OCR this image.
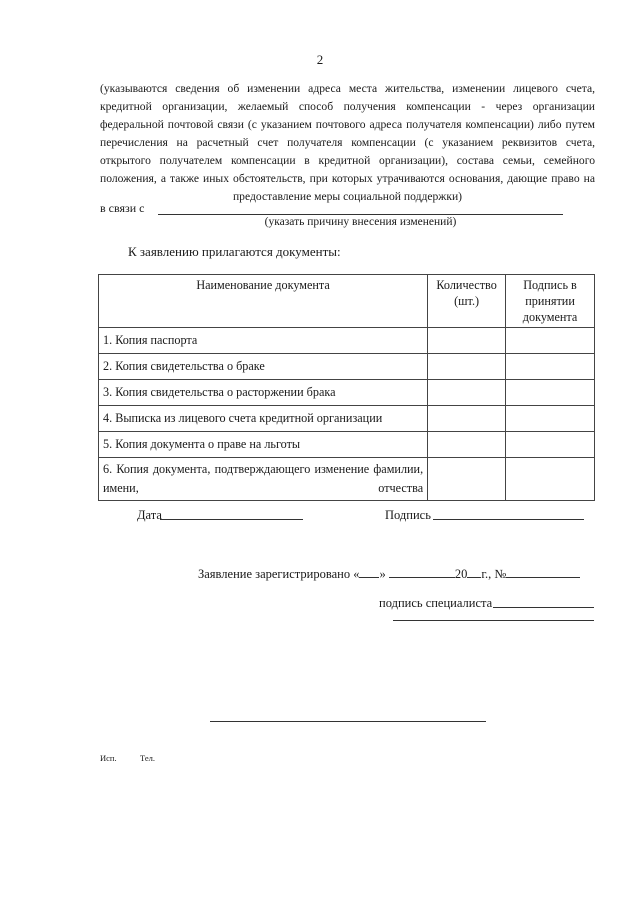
2
(указываются сведения об изменении адреса места жительства, изменении лицевого счета, кредитной организации, желаемый способ получения компенсации - через организации федеральной почтовой связи (с указанием почтового адреса получателя компенсации) либо путем перечисления на расчетный счет получателя компенсации (с указанием реквизитов счета, открытого получателем компенсации в кредитной организации), состава семьи, семейного положения, а также иных обстоятельств, при которых утрачиваются основания, дающие право на предоставление меры социальной поддержки)
в связи с
(указать причину внесения изменений)
К заявлению прилагаются документы:
Наименование документа	Количество (шт.)	Подпись в принятии документа
1. Копия паспорта		
2. Копия свидетельства о браке		
3. Копия свидетельства о расторжении брака		
4. Выписка из лицевого счета кредитной организации		
5. Копия документа о праве на льготы		
6. Копия документа, подтверждающего изменение фамилии, имени, отчества		
Дата	Подпись
Заявление зарегистрировано « »	20 г., №
подпись специалиста
Исп.	Тел.
